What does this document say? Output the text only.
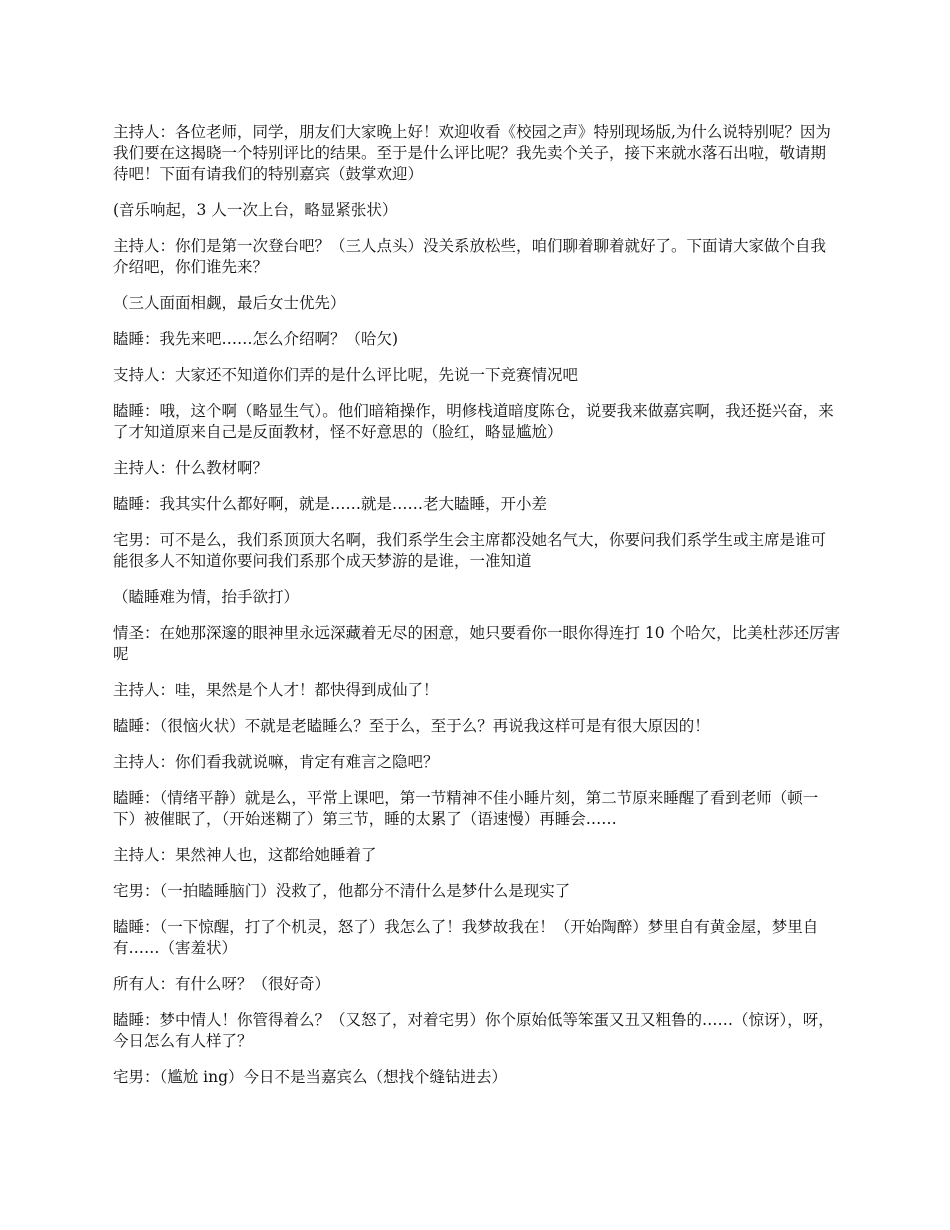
主持人：各位老师，同学，朋友们大家晚上好！欢迎收看《校园之声》特别现场版,为什么说特别呢？因为我们要在这揭晓一个特别评比的结果。至于是什么评比呢？我先卖个关子，接下来就水落石出啦，敬请期待吧！下面有请我们的特别嘉宾（鼓掌欢迎）

(音乐响起，3 人一次上台，略显紧张状）

主持人：你们是第一次登台吧？（三人点头）没关系放松些，咱们聊着聊着就好了。下面请大家做个自我介绍吧，你们谁先来？

（三人面面相觑，最后女士优先）

瞌睡：我先来吧……怎么介绍啊？（哈欠)

支持人：大家还不知道你们弄的是什么评比呢，先说一下竞赛情况吧

瞌睡：哦，这个啊（略显生气）。他们暗箱操作，明修栈道暗度陈仓，说要我来做嘉宾啊，我还挺兴奋，来了才知道原来自己是反面教材，怪不好意思的（脸红，略显尴尬）

主持人：什么教材啊？

瞌睡：我其实什么都好啊，就是……就是……老大瞌睡，开小差

宅男：可不是么，我们系顶顶大名啊，我们系学生会主席都没她名气大，你要问我们系学生或主席是谁可能很多人不知道你要问我们系那个成天梦游的是谁，一准知道

（瞌睡难为情，抬手欲打）

情圣：在她那深邃的眼神里永远深藏着无尽的困意，她只要看你一眼你得连打 10 个哈欠，比美杜莎还厉害呢

主持人：哇，果然是个人才！都快得到成仙了！

瞌睡：（很恼火状）不就是老瞌睡么？至于么，至于么？再说我这样可是有很大原因的！

主持人：你们看我就说嘛，肯定有难言之隐吧？

瞌睡：（情绪平静）就是么，平常上课吧，第一节精神不佳小睡片刻，第二节原来睡醒了看到老师（顿一下）被催眠了，（开始迷糊了）第三节，睡的太累了（语速慢）再睡会……

主持人：果然神人也，这都给她睡着了

宅男：（一拍瞌睡脑门）没救了，他都分不清什么是梦什么是现实了

瞌睡：（一下惊醒，打了个机灵，怒了）我怎么了！我梦故我在！（开始陶醉）梦里自有黄金屋，梦里自有……（害羞状）

所有人：有什么呀？（很好奇）

瞌睡：梦中情人！你管得着么？（又怒了，对着宅男）你个原始低等笨蛋又丑又粗鲁的……（惊讶），呀，今日怎么有人样了？

宅男：（尴尬 ing）今日不是当嘉宾么（想找个缝钻进去）
